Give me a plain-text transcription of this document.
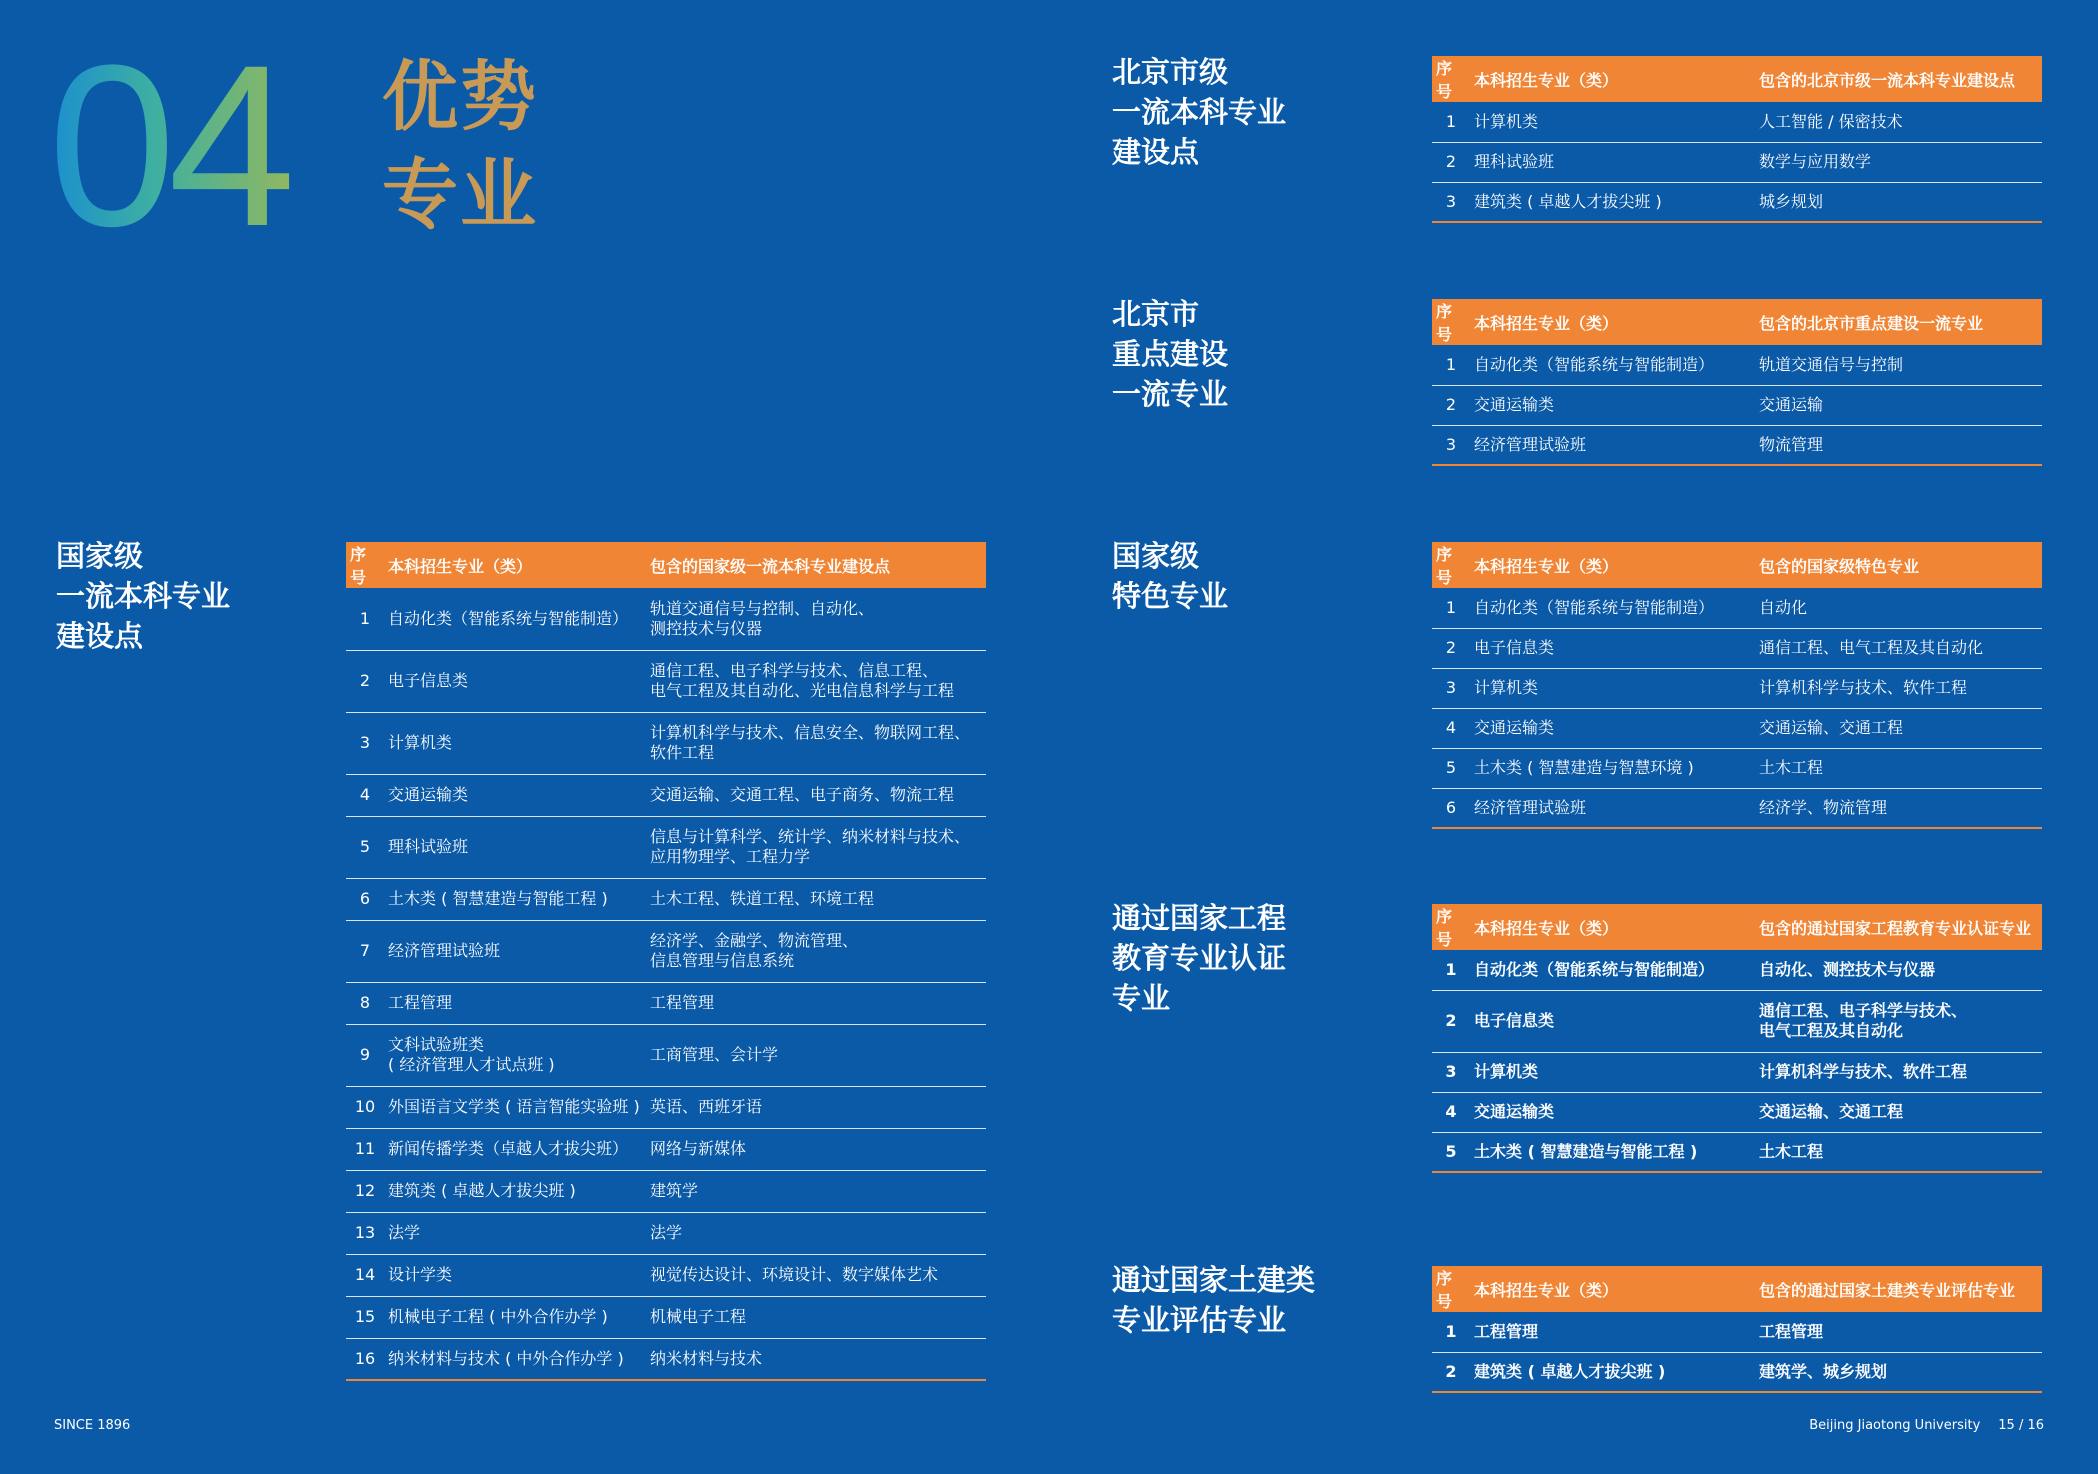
04 优势
专业
国家级
一流本科专业
建设点
北京市级
一流本科专业
建设点
北京市
重点建设
一流专业
国家级
特色专业
通过国家工程
教育专业认证
专业
通过国家土建类
专业评估专业
序号	本科招生专业（类）	包含的国家级一流本科专业建设点
1	自动化类（智能系统与智能制造）	轨道交通信号与控制、自动化、
测控技术与仪器
2	电子信息类	通信工程、电子科学与技术、信息工程、
电气工程及其自动化、光电信息科学与工程
3	计算机类	计算机科学与技术、信息安全、物联网工程、
软件工程
4	交通运输类	交通运输、交通工程、电子商务、物流工程
5	理科试验班	信息与计算科学、统计学、纳米材料与技术、
应用物理学、工程力学
6	土木类 ( 智慧建造与智能工程 )	土木工程、铁道工程、环境工程
7	经济管理试验班	经济学、金融学、物流管理、
信息管理与信息系统
8	工程管理	工程管理
9	文科试验班类
( 经济管理人才试点班 )	工商管理、会计学
10	外国语言文学类 ( 语言智能实验班 )	英语、西班牙语
11	新闻传播学类（卓越人才拔尖班）	网络与新媒体
12	建筑类 ( 卓越人才拔尖班 )	建筑学
13	法学	法学
14	设计学类	视觉传达设计、环境设计、数字媒体艺术
15	机械电子工程 ( 中外合作办学 )	机械电子工程
16	纳米材料与技术 ( 中外合作办学 )	纳米材料与技术
序号	本科招生专业（类）	包含的北京市级一流本科专业建设点
1	计算机类	人工智能 / 保密技术
2	理科试验班	数学与应用数学
3	建筑类 ( 卓越人才拔尖班 )	城乡规划
序号	本科招生专业（类）	包含的北京市重点建设一流专业
1	自动化类（智能系统与智能制造）	轨道交通信号与控制
2	交通运输类	交通运输
3	经济管理试验班	物流管理
序号	本科招生专业（类）	包含的国家级特色专业
1	自动化类（智能系统与智能制造）	自动化
2	电子信息类	通信工程、电气工程及其自动化
3	计算机类	计算机科学与技术、软件工程
4	交通运输类	交通运输、交通工程
5	土木类 ( 智慧建造与智慧环境 )	土木工程
6	经济管理试验班	经济学、物流管理
序号	本科招生专业（类）	包含的通过国家工程教育专业认证专业
1	自动化类（智能系统与智能制造）	自动化、测控技术与仪器
2	电子信息类	通信工程、电子科学与技术、
电气工程及其自动化
3	计算机类	计算机科学与技术、软件工程
4	交通运输类	交通运输、交通工程
5	土木类 ( 智慧建造与智能工程 )	土木工程
序号	本科招生专业（类）	包含的通过国家土建类专业评估专业
1	工程管理	工程管理
2	建筑类 ( 卓越人才拔尖班 )	建筑学、城乡规划
SINCE 1896	Beijing Jiaotong University 15 / 16
